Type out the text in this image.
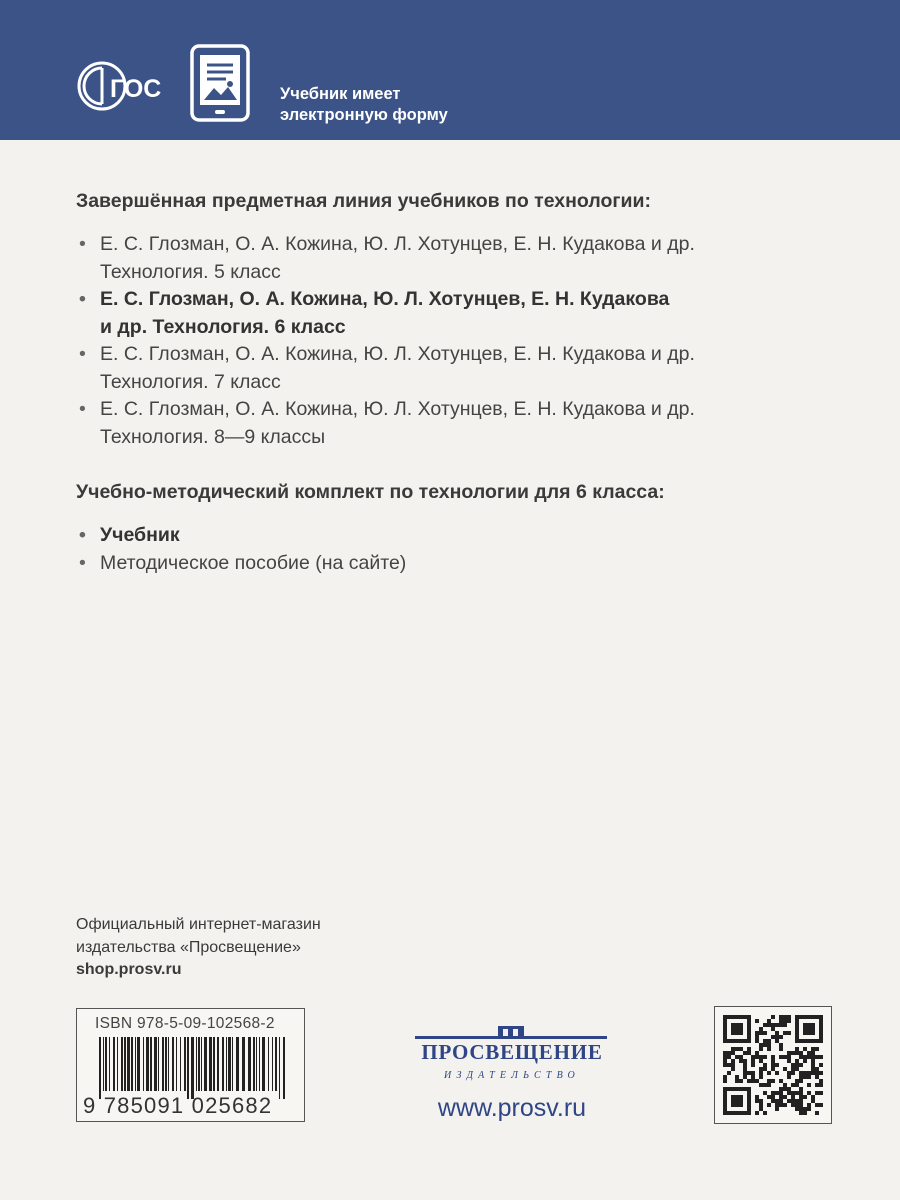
ГОС	Учебник имеет
электронную форму

Завершённая предметная линия учебников по технологии:

• Е. С. Глозман, О. А. Кожина, Ю. Л. Хотунцев, Е. Н. Кудакова и др.
Технология. 5 класс
• Е. С. Глозман, О. А. Кожина, Ю. Л. Хотунцев, Е. Н. Кудакова
и др. Технология. 6 класс
• Е. С. Глозман, О. А. Кожина, Ю. Л. Хотунцев, Е. Н. Кудакова и др.
Технология. 7 класс
• Е. С. Глозман, О. А. Кожина, Ю. Л. Хотунцев, Е. Н. Кудакова и др.
Технология. 8—9 классы

Учебно-методический комплект по технологии для 6 класса:

• Учебник
• Методическое пособие (на сайте)
Официальный интернет-магазин
издательства «Просвещение»
shop.prosv.ru
ISBN 978-5-09-102568-2
9 785091 025682
ПРОСВЕЩЕНИЕ
ИЗДАТЕЛЬСТВО
www.prosv.ru
